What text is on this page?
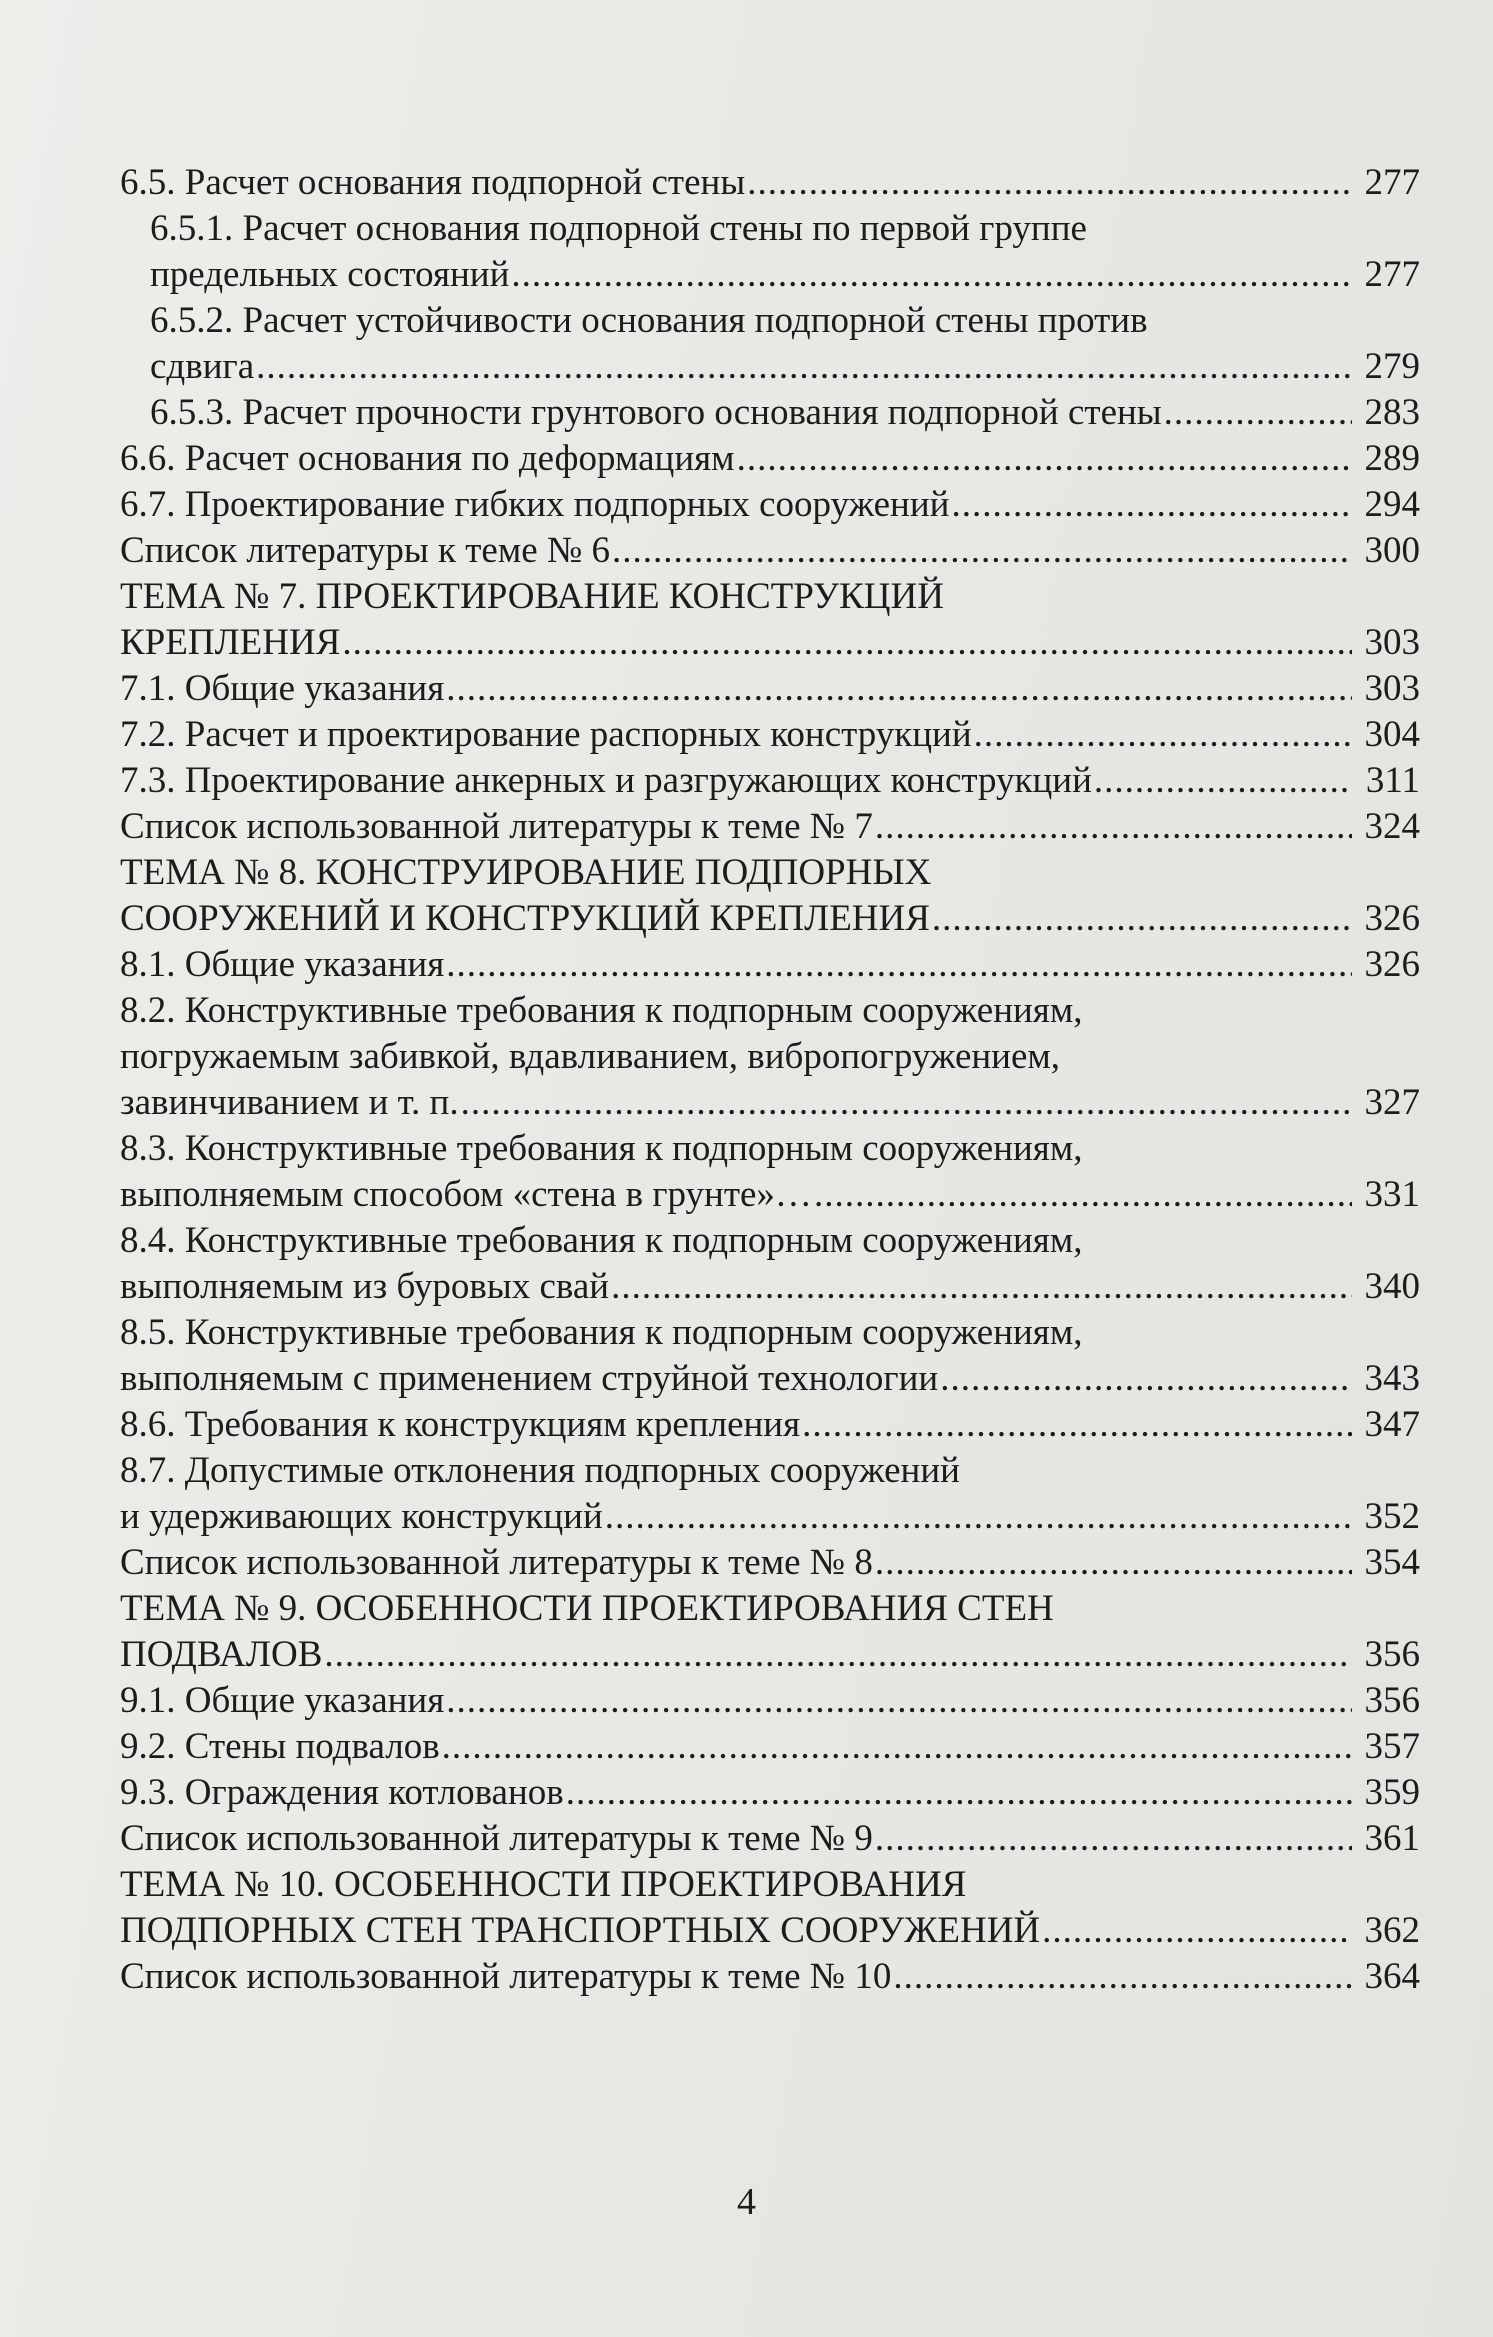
6.5. Расчет основания подпорной стены .....	277
6.5.1. Расчет основания подпорной стены по первой группе
предельных состояний .....	277
6.5.2. Расчет устойчивости основания подпорной стены против
сдвига .....	279
6.5.3. Расчет прочности грунтового основания подпорной стены .....	283
6.6. Расчет основания по деформациям .....	289
6.7. Проектирование гибких подпорных сооружений .....	294
Список литературы к теме № 6 .....	300
ТЕМА № 7. ПРОЕКТИРОВАНИЕ КОНСТРУКЦИЙ
КРЕПЛЕНИЯ .....	303
7.1. Общие указания .....	303
7.2. Расчет и проектирование распорных конструкций .....	304
7.3. Проектирование анкерных и разгружающих конструкций .....	311
Список использованной литературы к теме № 7 .....	324
ТЕМА № 8. КОНСТРУИРОВАНИЕ ПОДПОРНЫХ
СООРУЖЕНИЙ И КОНСТРУКЦИЙ КРЕПЛЕНИЯ .....	326
8.1. Общие указания .....	326
8.2. Конструктивные требования к подпорным сооружениям,
погружаемым забивкой, вдавливанием, вибропогружением,
завинчиванием и т. п. .....	327
8.3. Конструктивные требования к подпорным сооружениям,
выполняемым способом «стена в грунте»… .....	331
8.4. Конструктивные требования к подпорным сооружениям,
выполняемым из буровых свай .....	340
8.5. Конструктивные требования к подпорным сооружениям,
выполняемым с применением струйной технологии .....	343
8.6. Требования к конструкциям крепления .....	347
8.7. Допустимые отклонения подпорных сооружений
и удерживающих конструкций .....	352
Список использованной литературы к теме № 8 .....	354
ТЕМА № 9. ОСОБЕННОСТИ ПРОЕКТИРОВАНИЯ СТЕН
ПОДВАЛОВ .....	356
9.1. Общие указания .....	356
9.2. Стены подвалов .....	357
9.3. Ограждения котлованов .....	359
Список использованной литературы к теме № 9 .....	361
ТЕМА № 10. ОСОБЕННОСТИ ПРОЕКТИРОВАНИЯ
ПОДПОРНЫХ СТЕН ТРАНСПОРТНЫХ СООРУЖЕНИЙ .....	362
Список использованной литературы к теме № 10 .....	364
4
